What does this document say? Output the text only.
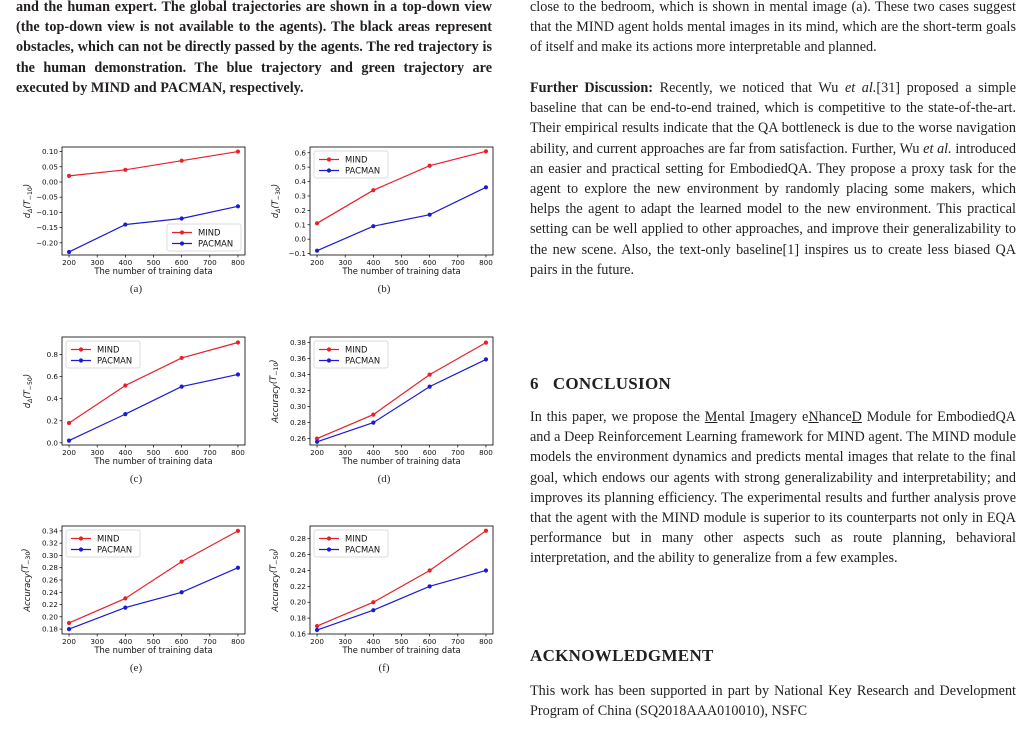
and the human expert. The global trajectories are shown in a top-down view (the top-down view is not available to the agents). The black areas represent obstacles, which can not be directly passed by the agents. The red trajectory is the human demonstration. The blue trajectory and green trajectory are executed by MIND and PACMAN, respectively.

200 300 400 500 600 700 800
0.10
0.05
0.00
−0.05
−0.10
−0.15
−0.20
The number of training data
$d_\Delta(T_{-10})$
MIND
PACMAN

( a )

200 300 400 500 600 700 800
0.6
0.5
0.4
0.3
0.2
0.1
0.0
−0.1
The number of training data
$d_\Delta(T_{-30})$
MIND
PACMAN

( b )

200 300 400 500 600 700 800
0.8
0.6
0.4
0.2
0.0
The number of training data
$d_\Delta(T_{-50})$
MIND
PACMAN

( c )

200 300 400 500 600 700 800
0.38
0.36
0.34
0.32
0.30
0.28
0.26
The number of training data
$Accuracy(T_{-10})$
MIND
PACMAN

( d )

200 300 400 500 600 700 800
0.34
0.32
0.30
0.28
0.26
0.24
0.22
0.20
0.18
The number of training data
$Accuracy(T_{-30})$
MIND
PACMAN

( e )

200 300 400 500 600 700 800
0.28
0.26
0.24
0.22
0.20
0.18
0.16
The number of training data
$Accuracy(T_{-50})$
MIND
PACMAN

( f )

close to the bedroom, which is shown in mental image (a). These two cases suggest that the MIND agent holds mental images in its mind, which are the short-term goals of itself and make its actions more interpretable and planned.

Further Discussion: Recently, we noticed that Wu et al.[31] proposed a simple baseline that can be end-to-end trained, which is competitive to the state-of-the-art. Their empirical results indicate that the QA bottleneck is due to the worse navigation ability, and current approaches are far from satisfaction. Further, Wu et al. introduced an easier and practical setting for EmbodiedQA. They propose a proxy task for the agent to explore the new environment by randomly placing some makers, which helps the agent to adapt the learned model to the new environment. This practical setting can be well applied to other approaches, and improve their generalizability to the new scene. Also, the text-only baseline[1] inspires us to create less biased QA pairs in the future.

6 CONCLUSION

In this paper, we propose the Mental Imagery eNhanceD Module for EmbodiedQA and a Deep Reinforcement Learning framework for MIND agent. The MIND module models the environment dynamics and predicts mental images that relate to the final goal, which endows our agents with strong generalizability and interpretability; and improves its planning efficiency. The experimental results and further analysis prove that the agent with the MIND module is superior to its counterparts not only in EQA performance but in many other aspects such as route planning, behavioral interpretation, and the ability to generalize from a few examples.

ACKNOWLEDGMENT

This work has been supported in part by National Key Research and Development Program of China (SQ2018AAA010010), NSFC
